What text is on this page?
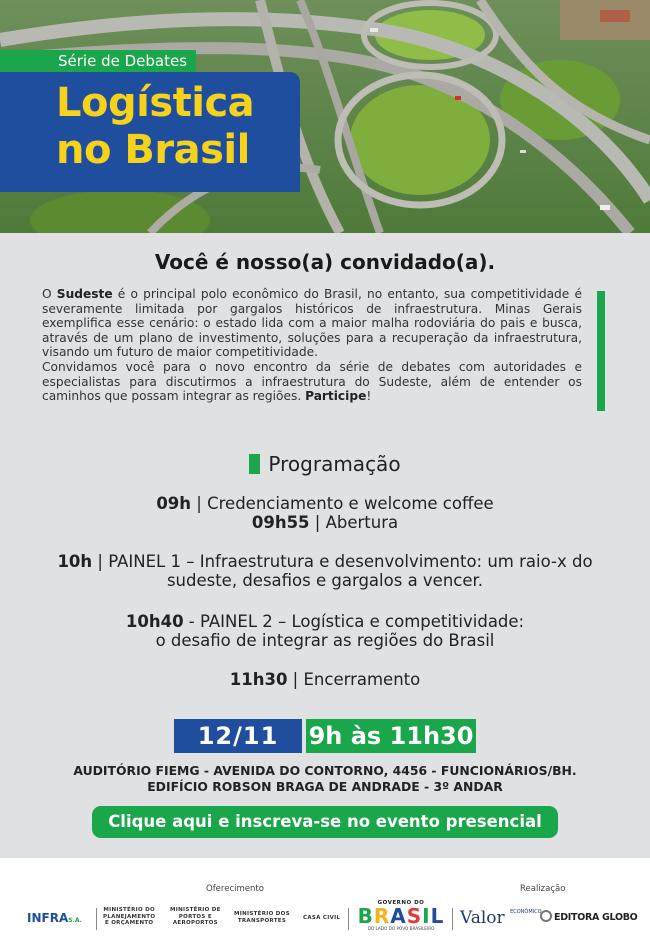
Série de Debates
Logística
no Brasil
Você é nosso(a) convidado(a).

O Sudeste é o principal polo econômico do Brasil, no entanto, sua competitividade é severamente limitada por gargalos históricos de infraestrutura. Minas Gerais exemplifica esse cenário: o estado lida com a maior malha rodoviária do pais e busca, através de um plano de investimento, soluções para a recuperação da infraestrutura, visando um futuro de maior competitividade.

Convidamos você para o novo encontro da série de debates com autoridades e especialistas para discutirmos a infraestrutura do Sudeste, além de entender os caminhos que possam integrar as regiões. Participe!

Programação
09h | Credenciamento e welcome coffee
09h55 | Abertura
10h | PAINEL 1 – Infraestrutura e desenvolvimento: um raio-x do
sudeste, desafios e gargalos a vencer.
10h40 - PAINEL 2 – Logística e competitividade:
o desafio de integrar as regiões do Brasil
11h30 | Encerramento
12/11	9h às 11h30
AUDITÓRIO FIEMG - AVENIDA DO CONTORNO, 4456 - FUNCIONÁRIOS/BH.
EDIFÍCIO ROBSON BRAGA DE ANDRADE - 3º ANDAR
Clique aqui e inscreva-se no evento presencial
Oferecimento	Realização
INFRAS.A.
MINISTÉRIO DO
PLANEJAMENTO
E ORÇAMENTO
MINISTÉRIO DE
PORTOS E
AEROPORTOS
MINISTÉRIO DOS
TRANSPORTES	CASA CIVIL
GOVERNO DO
BRASIL
DO LADO DO POVO BRASILEIRO
Valor $^{ECONÔMICO}$	EDITORA GLOBO
